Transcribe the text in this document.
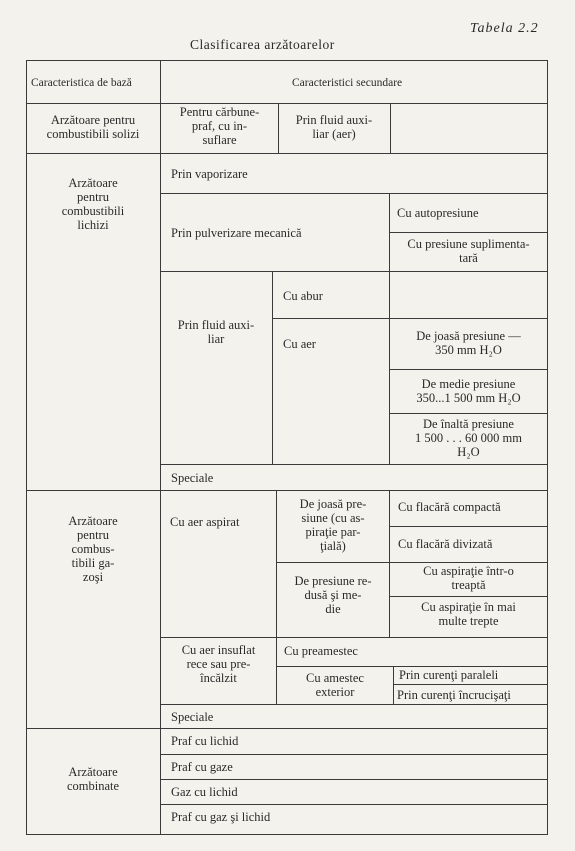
Tabela 2.2
Clasificarea arzătoarelor
Caracteristica de bază	Caracteristici secundare
Arzătoare pentru
combustibili solizi
Pentru cărbune-
praf, cu in-
suflare
Prin fluid auxi-
liar (aer)
Arzătoare
pentru
combustibili
lichizi
Prin vaporizare
Prin pulverizare mecanică
Cu autopresiune
Cu presiune suplimenta-
tară
Prin fluid auxi-
liar
Cu abur
Cu aer
De joasă presiune —
350 mm H₂O
De medie presiune
350...1 500 mm H₂O
De înaltă presiune
1 500 . . . 60 000 mm
H₂O
Speciale
Arzătoare
pentru
combus-
tibili ga-
zoşi
Cu aer aspirat
De joasă pre-
siune (cu as-
piraţie par-
ţială)
De presiune re-
dusă şi me-
die
Cu flacără compactă
Cu flacără divizată
Cu aspiraţie într-o
treaptă
Cu aspiraţie în mai
multe trepte
Cu aer insuflat
rece sau pre-
încălzit
Cu preamestec
Cu amestec
exterior
Prin curenţi paraleli
Prin curenţi încrucişaţi
Speciale
Arzătoare
combinate
Praf cu lichid
Praf cu gaze
Gaz cu lichid
Praf cu gaz şi lichid
